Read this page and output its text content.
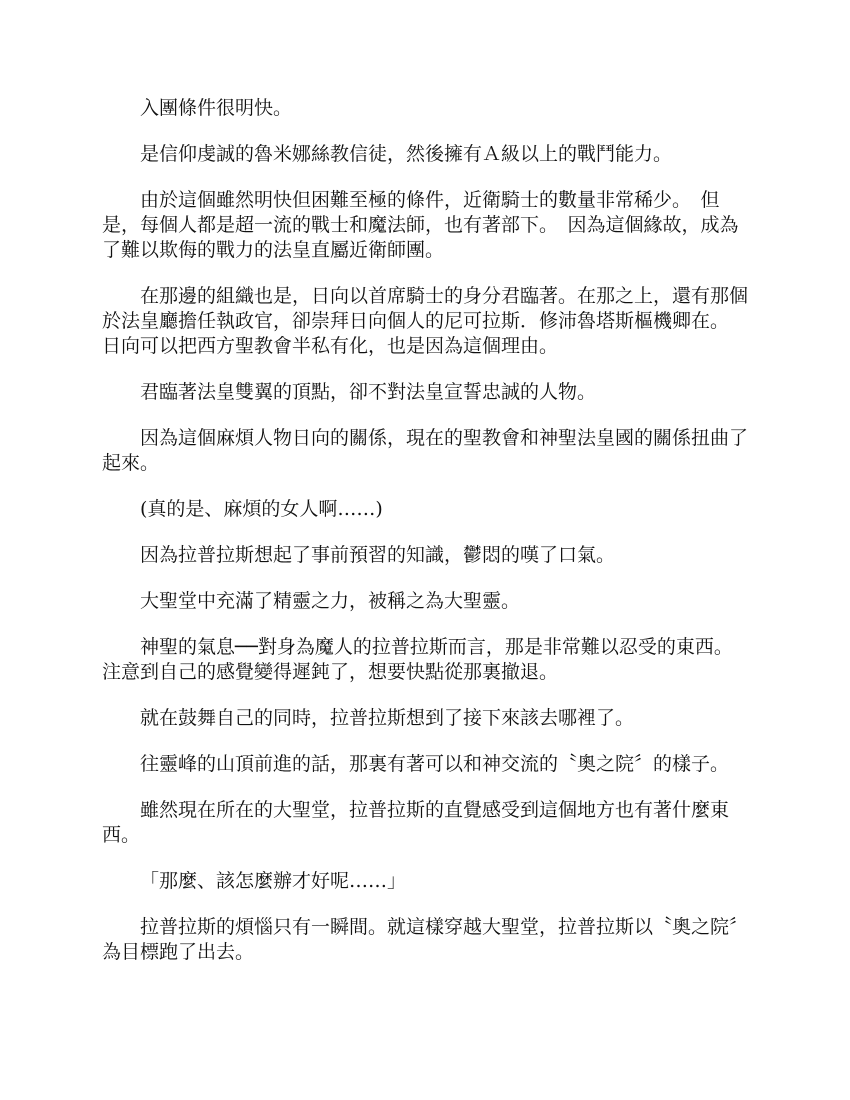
入團條件很明快。

是信仰虔誠的魯米娜絲教信徒，然後擁有Ａ級以上的戰鬥能力。

由於這個雖然明快但困難至極的條件，近衛騎士的數量非常稀少。　但是，每個人都是超一流的戰士和魔法師，也有著部下。　因為這個緣故，成為了難以欺侮的戰力的法皇直屬近衛師團。

在那邊的組織也是，日向以首席騎士的身分君臨著。在那之上，還有那個於法皇廳擔任執政官，卻崇拜日向個人的尼可拉斯．修沛魯塔斯樞機卿在。　日向可以把西方聖教會半私有化，也是因為這個理由。

君臨著法皇雙翼的頂點，卻不對法皇宣誓忠誠的人物。

因為這個麻煩人物日向的關係，現在的聖教會和神聖法皇國的關係扭曲了起來。

(真的是、麻煩的女人啊……)

因為拉普拉斯想起了事前預習的知識，鬱悶的嘆了口氣。

大聖堂中充滿了精靈之力，被稱之為大聖靈。

神聖的氣息──對身為魔人的拉普拉斯而言，那是非常難以忍受的東西。注意到自己的感覺變得遲鈍了，想要快點從那裏撤退。

就在鼓舞自己的同時，拉普拉斯想到了接下來該去哪裡了。

往靈峰的山頂前進的話，那裏有著可以和神交流的〝奧之院〞的樣子。

雖然現在所在的大聖堂，拉普拉斯的直覺感受到這個地方也有著什麼東西。

「那麼、該怎麼辦才好呢……」

拉普拉斯的煩惱只有一瞬間。就這樣穿越大聖堂，拉普拉斯以〝奧之院〞為目標跑了出去。
